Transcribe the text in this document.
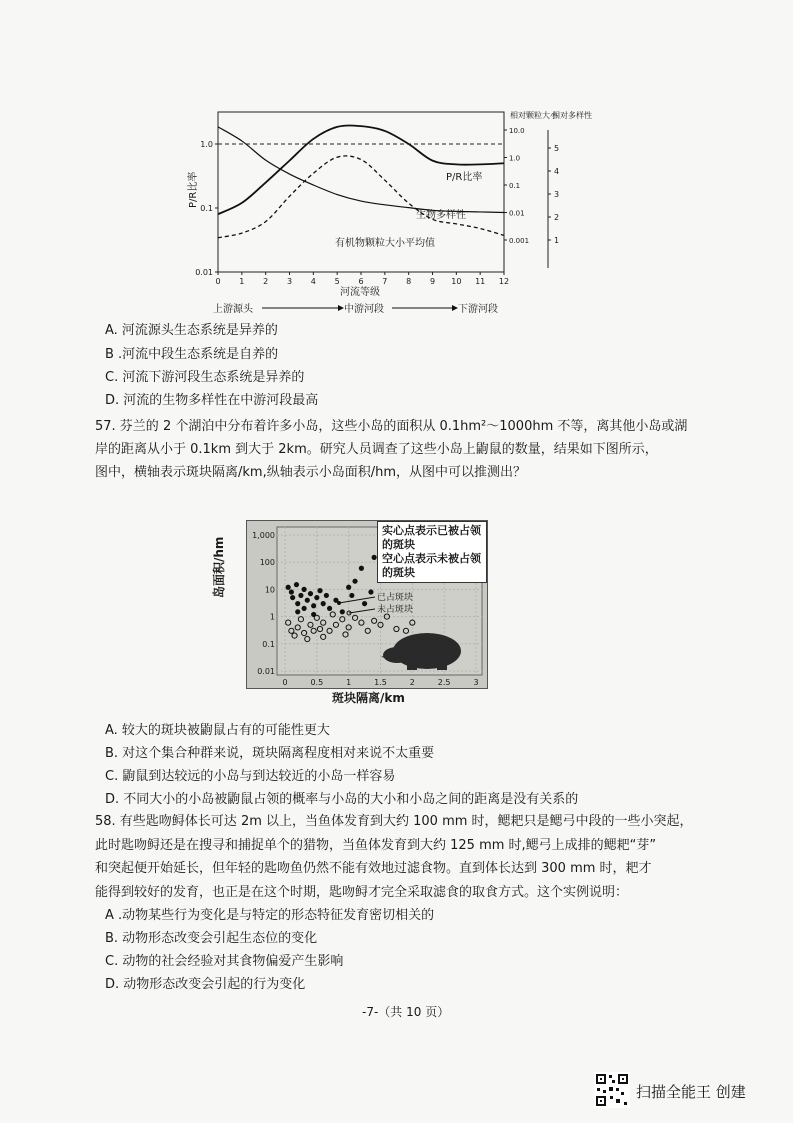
1.0
0.1
0.01
10.0
1.0
0.1
0.01
0.001
5
4
3
2
1
0 1 2 3 4 5 6 7 8 9 10 11 12
P/R比率
相对颗粒大小
相对多样性
P/R比率
生物多样性
有机物颗粒大小平均值
河流等级
上游源头	中游河段	下游河段
A. 河流源头生态系统是异养的
B .河流中段生态系统是自养的
C. 河流下游河段生态系统是异养的
D. 河流的生物多样性在中游河段最高
57. 芬兰的 2 个湖泊中分布着许多小岛，这些小岛的面积从 0.1hm²～1000hm 不等，离其他小岛或湖
岸的距离从小于 0.1km 到大于 2km。研究人员调查了这些小岛上鼩鼠的数量，结果如下图所示，
图中，横轴表示斑块隔离/km,纵轴表示小岛面积/hm，从图中可以推测出？
1,000
100
10
1
0.1
0.01
0	0.5	1	1.5	2	2.5	3
已占斑块
未占斑块
实心点表示已被占领
的斑块
空心点表示未被占领
的斑块
岛面积/hm
斑块隔离/km
A. 较大的斑块被鼩鼠占有的可能性更大
B. 对这个集合种群来说，斑块隔离程度相对来说不太重要
C. 鼩鼠到达较远的小岛与到达较近的小岛一样容易
D. 不同大小的小岛被鼩鼠占领的概率与小岛的大小和小岛之间的距离是没有关系的
58. 有些匙吻鲟体长可达 2m 以上，当鱼体发育到大约 100 mm 时，鳃耙只是鳃弓中段的一些小突起，
此时匙吻鲟还是在搜寻和捕捉单个的猎物，当鱼体发育到大约 125 mm 时,鳃弓上成排的鳃耙“芽”
和突起便开始延长，但年轻的匙吻鱼仍然不能有效地过滤食物。直到体长达到 300 mm 时，耙才
能得到较好的发育，也正是在这个时期，匙吻鲟才完全采取滤食的取食方式。这个实例说明：
A .动物某些行为变化是与特定的形态特征发育密切相关的
B. 动物形态改变会引起生态位的变化
C. 动物的社会经验对其食物偏爱产生影响
D. 动物形态改变会引起的行为变化
-7-（共 10 页）
扫描全能王 创建
